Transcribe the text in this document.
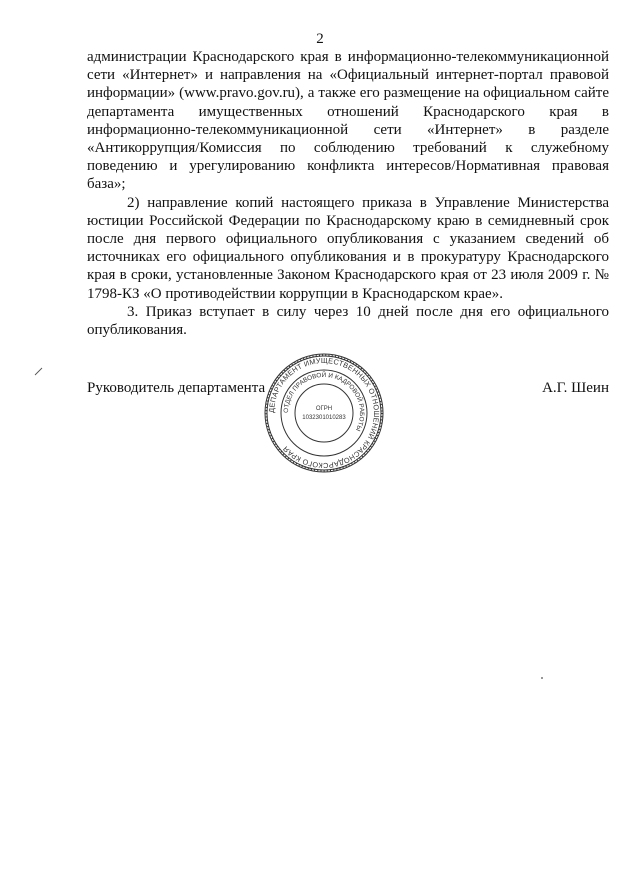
2

администрации Краснодарского края в информационно-телекоммуникационной сети «Интернет» и направления на «Официальный интернет-портал правовой информации» (www.pravo.gov.ru), а также его размещение на официальном сайте департамента имущественных отношений Краснодарского края в информационно-телекоммуникационной сети «Интернет» в разделе «Антикоррупция/Комиссия по соблюдению требований к служебному поведению и урегулированию конфликта интересов/Нормативная правовая база»;

2) направление копий настоящего приказа в Управление Министерства юстиции Российской Федерации по Краснодарскому краю в семидневный срок после дня первого официального опубликования с указанием сведений об источниках его официального опубликования и в прокуратуру Краснодарского края в сроки, установленные Законом Краснодарского края от 23 июля 2009 г. № 1798-КЗ «О противодействии коррупции в Краснодарском крае».

3. Приказ вступает в силу через 10 дней после дня его официального опубликования.

Руководитель департамента
ДЕПАРТАМЕНТ ИМУЩЕСТВЕННЫХ ОТНОШЕНИЙ КРАСНОДАРСКОГО КРАЯ
ОТДЕЛ ПРАВОВОЙ И КАДРОВОЙ РАБОТЫ
ОГРН
1032301010283
А.Г. Шеин
